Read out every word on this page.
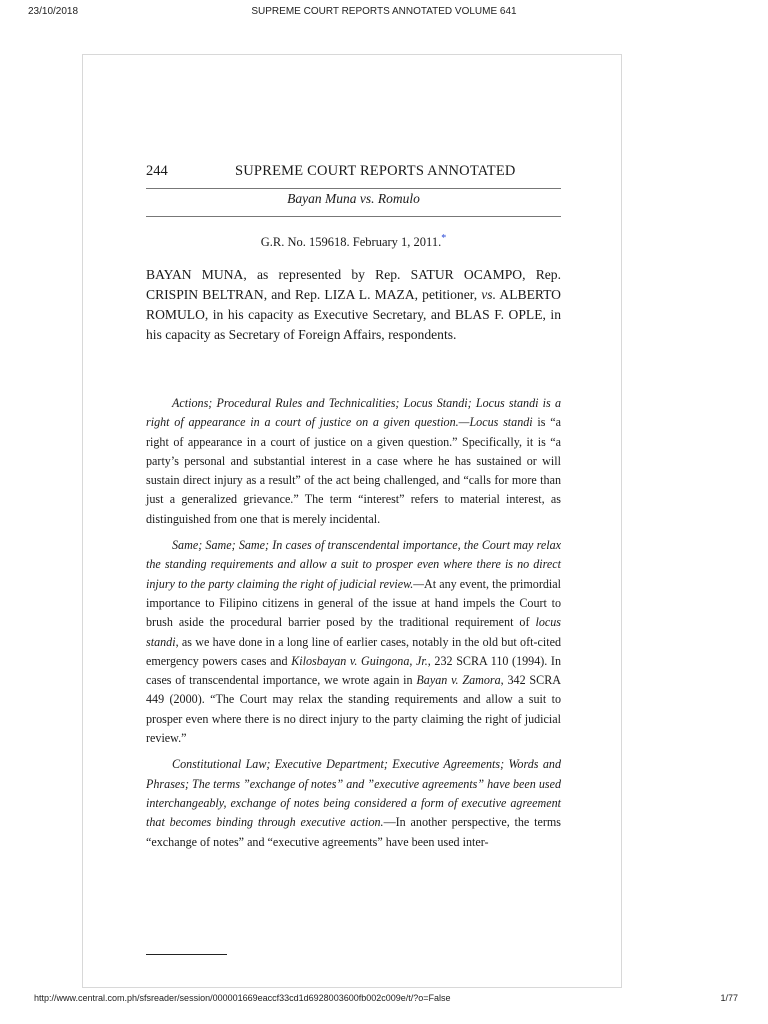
23/10/2018	SUPREME COURT REPORTS ANNOTATED VOLUME 641
244	SUPREME COURT REPORTS ANNOTATED
Bayan Muna vs. Romulo
G.R. No. 159618. February 1, 2011.*
BAYAN MUNA, as represented by Rep. SATUR OCAMPO, Rep. CRISPIN BELTRAN, and Rep. LIZA L. MAZA, petitioner, vs. ALBERTO ROMULO, in his capacity as Executive Secretary, and BLAS F. OPLE, in his capacity as Secretary of Foreign Affairs, respondents.

Actions; Procedural Rules and Technicalities; Locus Standi; Locus standi is a right of appearance in a court of justice on a given question.—Locus standi is “a right of appearance in a court of justice on a given question.” Specifically, it is “a party’s personal and substantial interest in a case where he has sustained or will sustain direct injury as a result” of the act being challenged, and “calls for more than just a generalized grievance.” The term “interest” refers to material interest, as distinguished from one that is merely incidental.

Same; Same; Same; In cases of transcendental importance, the Court may relax the standing requirements and allow a suit to prosper even where there is no direct injury to the party claiming the right of judicial review.—At any event, the primordial importance to Filipino citizens in general of the issue at hand impels the Court to brush aside the procedural barrier posed by the traditional requirement of locus standi, as we have done in a long line of earlier cases, notably in the old but oft-cited emergency powers cases and Kilosbayan v. Guingona, Jr., 232 SCRA 110 (1994). In cases of transcendental importance, we wrote again in Bayan v. Zamora, 342 SCRA 449 (2000). “The Court may relax the standing requirements and allow a suit to prosper even where there is no direct injury to the party claiming the right of judicial review.”

Constitutional Law; Executive Department; Executive Agreements; Words and Phrases; The terms ”exchange of notes” and ”executive agreements” have been used interchangeably, exchange of notes being considered a form of executive agreement that becomes binding through executive action.—In another perspective, the terms “exchange of notes” and “executive agreements” have been used inter-

http://www.central.com.ph/sfsreader/session/000001669eaccf33cd1d6928003600fb002c009e/t/?o=False	1/77
